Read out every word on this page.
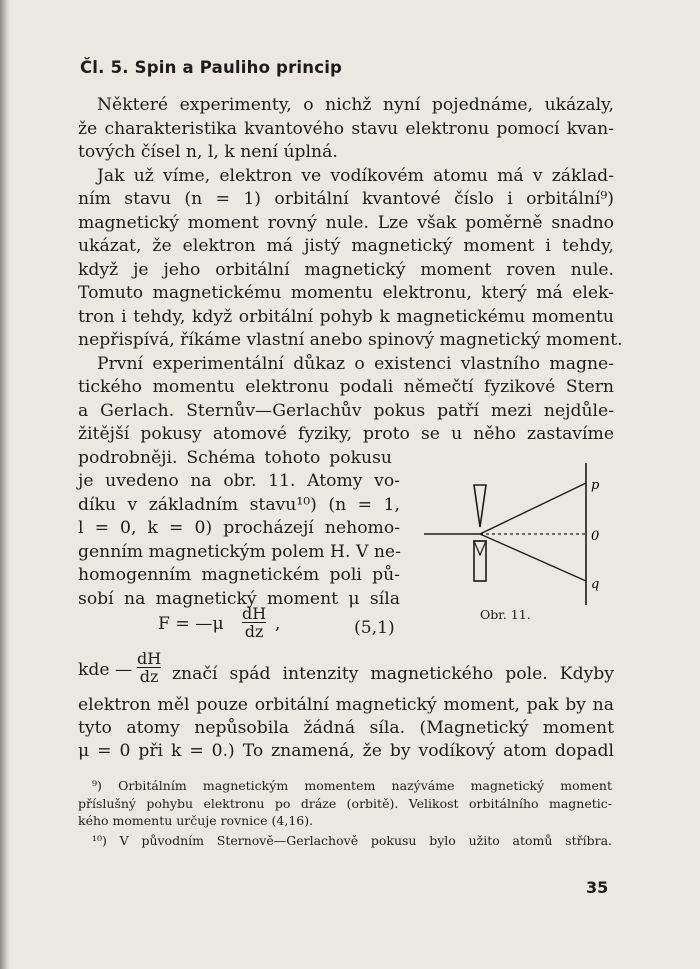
Čl. 5. Spin a Pauliho princip
Některé experimenty, o nichž nyní pojednáme, ukázaly,
že charakteristika kvantového stavu elektronu pomocí kvan-
tových čísel n, l, k není úplná.
Jak už víme, elektron ve vodíkovém atomu má v základ-
ním stavu (n = 1) orbitální kvantové číslo i orbitální⁹)
magnetický moment rovný nule. Lze však poměrně snadno
ukázat, že elektron má jistý magnetický moment i tehdy,
když je jeho orbitální magnetický moment roven nule.
Tomuto magnetickému momentu elektronu, který má elek-
tron i tehdy, když orbitální pohyb k magnetickému momentu
nepřispívá, říkáme vlastní anebo spinový magnetický moment.
První experimentální důkaz o existenci vlastního magne-
tického momentu elektronu podali němečtí fyzikové Stern
a Gerlach. Sternův—Gerlachův pokus patří mezi nejdůle-
žitější pokusy atomové fyziky, proto se u něho zastavíme
podrobněji. Schéma tohoto pokusu
je uvedeno na obr. 11. Atomy vo-
díku v základním stavu¹⁰) (n = 1,
l = 0, k = 0) procházejí nehomo-
genním magnetickým polem H. V ne-
homogenním magnetickém poli pů-
sobí na magnetický moment μ síla
F = —μ
dH
dz ,	(5,1)
p
0
q
Obr. 11.
kde —
dH
dz značí spád intenzity magnetického pole. Kdyby
elektron měl pouze orbitální magnetický moment, pak by na
tyto atomy nepůsobila žádná síla. (Magnetický moment
μ = 0 při k = 0.) To znamená, že by vodíkový atom dopadl
⁹) Orbitálním magnetickým momentem nazýváme magnetický moment
příslušný pohybu elektronu po dráze (orbitě). Velikost orbitálního magnetic-
kého momentu určuje rovnice (4,16).
¹⁰) V původním Sternově—Gerlachově pokusu bylo užito atomů stříbra.
35
